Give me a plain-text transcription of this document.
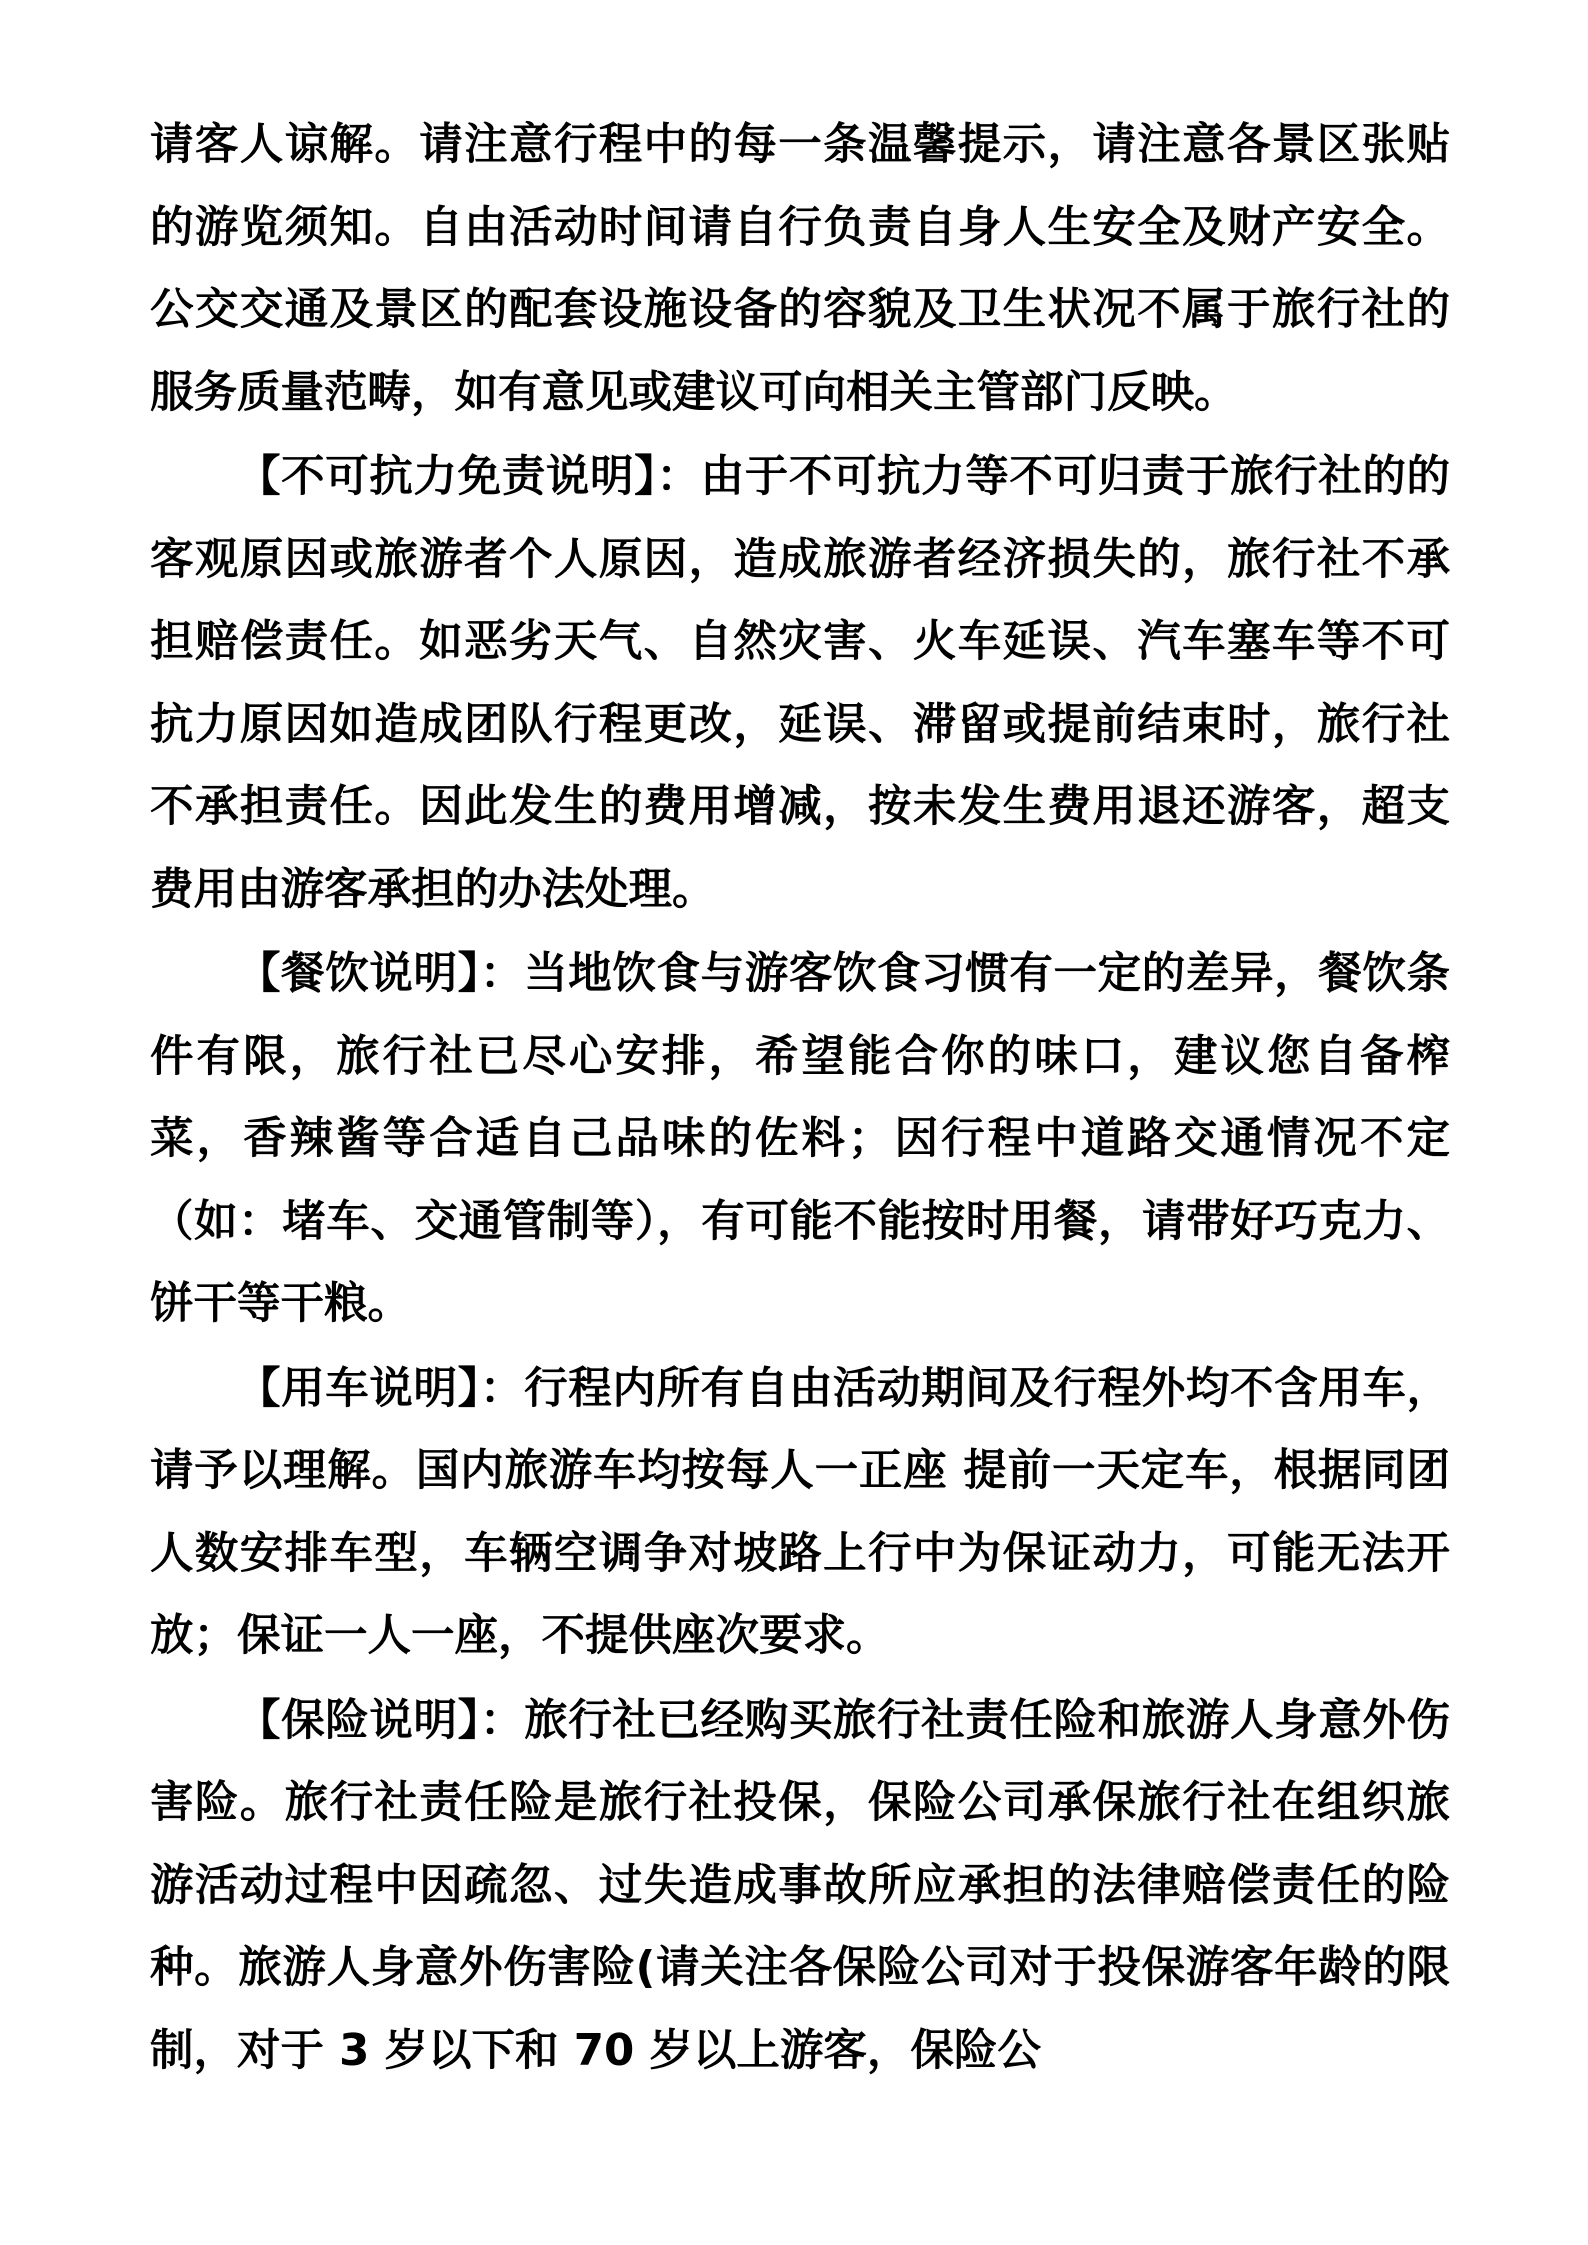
请客人谅解。请注意行程中的每一条温馨提示，请注意各景区张贴的游览须知。自由活动时间请自行负责自身人生安全及财产安全。公交交通及景区的配套设施设备的容貌及卫生状况不属于旅行社的服务质量范畴，如有意见或建议可向相关主管部门反映。

【不可抗力免责说明】：由于不可抗力等不可归责于旅行社的的客观原因或旅游者个人原因，造成旅游者经济损失的，旅行社不承担赔偿责任。如恶劣天气、自然灾害、火车延误、汽车塞车等不可抗力原因如造成团队行程更改，延误、滞留或提前结束时，旅行社不承担责任。因此发生的费用增减，按未发生费用退还游客，超支费用由游客承担的办法处理。

【餐饮说明】：当地饮食与游客饮食习惯有一定的差异，餐饮条件有限，旅行社已尽心安排，希望能合你的味口，建议您自备榨菜，香辣酱等合适自己品味的佐料；因行程中道路交通情况不定（如：堵车、交通管制等），有可能不能按时用餐，请带好巧克力、饼干等干粮。

【用车说明】：行程内所有自由活动期间及行程外均不含用车，请予以理解。国内旅游车均按每人一正座 提前一天定车，根据同团人数安排车型，车辆空调争对坡路上行中为保证动力，可能无法开放；保证一人一座，不提供座次要求。

【保险说明】：旅行社已经购买旅行社责任险和旅游人身意外伤害险。旅行社责任险是旅行社投保，保险公司承保旅行社在组织旅游活动过程中因疏忽、过失造成事故所应承担的法律赔偿责任的险种。旅游人身意外伤害险(请关注各保险公司对于投保游客年龄的限制，对于 3 岁以下和 70 岁以上游客，保险公
